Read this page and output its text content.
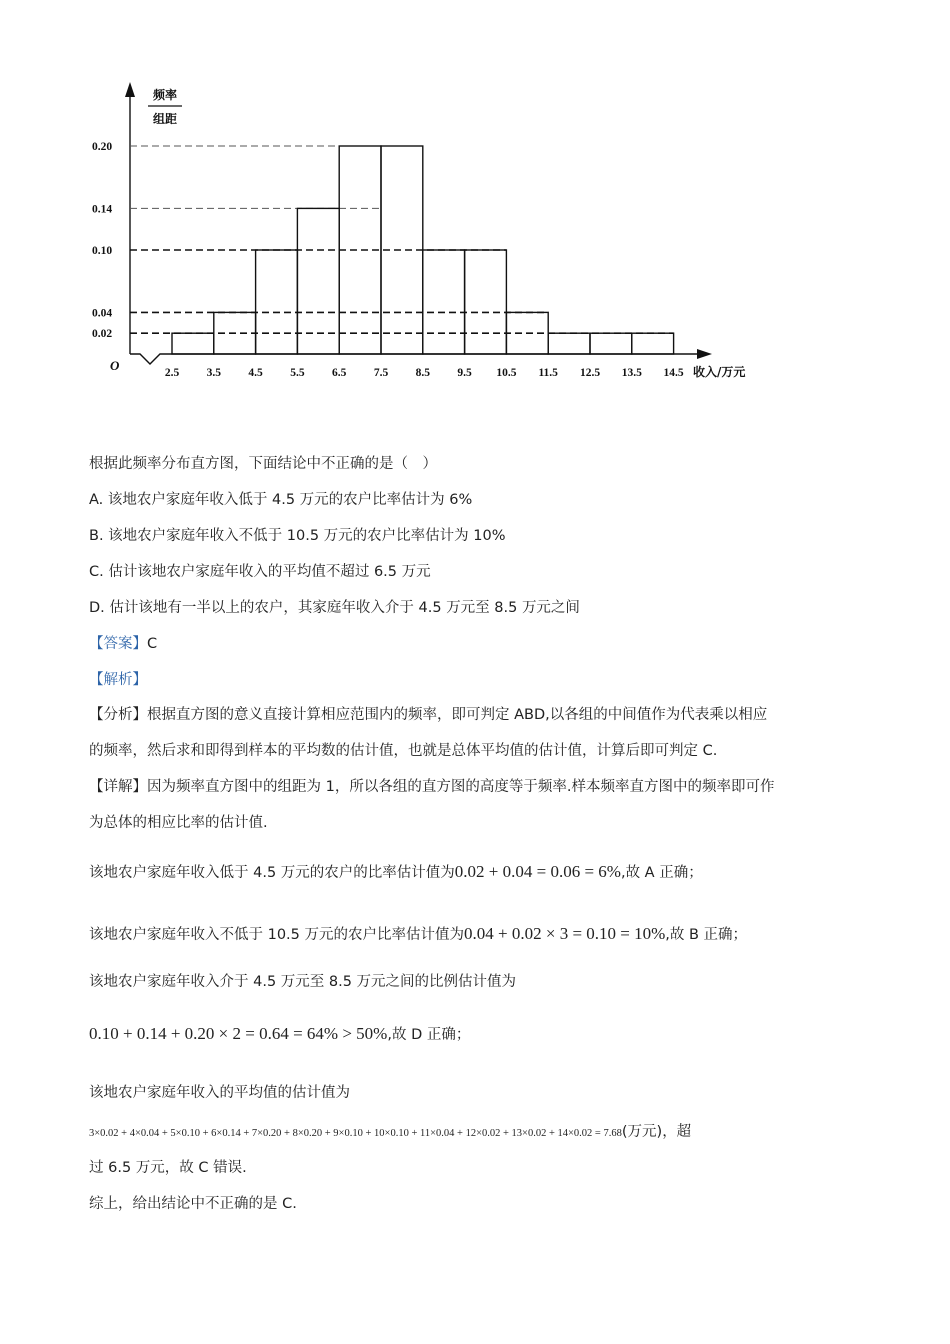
频率
组距
O	收入/万元
0.02
0.04
0.10
0.14
0.20
2.5 3.5 4.5 5.5 6.5 7.5 8.5 9.5 10.5 11.5 12.5 13.5 14.5
根据此频率分布直方图，下面结论中不正确的是（　）
A. 该地农户家庭年收入低于 4.5 万元的农户比率估计为 6%
B. 该地农户家庭年收入不低于 10.5 万元的农户比率估计为 10%
C. 估计该地农户家庭年收入的平均值不超过 6.5 万元
D. 估计该地有一半以上的农户，其家庭年收入介于 4.5 万元至 8.5 万元之间
【答案】C
【解析】
【分析】根据直方图的意义直接计算相应范围内的频率，即可判定 ABD,以各组的中间值作为代表乘以相应
的频率，然后求和即得到样本的平均数的估计值，也就是总体平均值的估计值，计算后即可判定 C.
【详解】因为频率直方图中的组距为 1，所以各组的直方图的高度等于频率.样本频率直方图中的频率即可作
为总体的相应比率的估计值.
该地农户家庭年收入低于 4.5 万元的农户的比率估计值为0.02 + 0.04 = 0.06 = 6%,故 A 正确；
该地农户家庭年收入不低于 10.5 万元的农户比率估计值为0.04 + 0.02 × 3 = 0.10 = 10%,故 B 正确；
该地农户家庭年收入介于 4.5 万元至 8.5 万元之间的比例估计值为
0.10 + 0.14 + 0.20 × 2 = 0.64 = 64% > 50%,故 D 正确；
该地农户家庭年收入的平均值的估计值为
3×0.02 + 4×0.04 + 5×0.10 + 6×0.14 + 7×0.20 + 8×0.20 + 9×0.10 + 10×0.10 + 11×0.04 + 12×0.02 + 13×0.02 + 14×0.02 = 7.68(万元)，超
过 6.5 万元，故 C 错误.
综上，给出结论中不正确的是 C.
